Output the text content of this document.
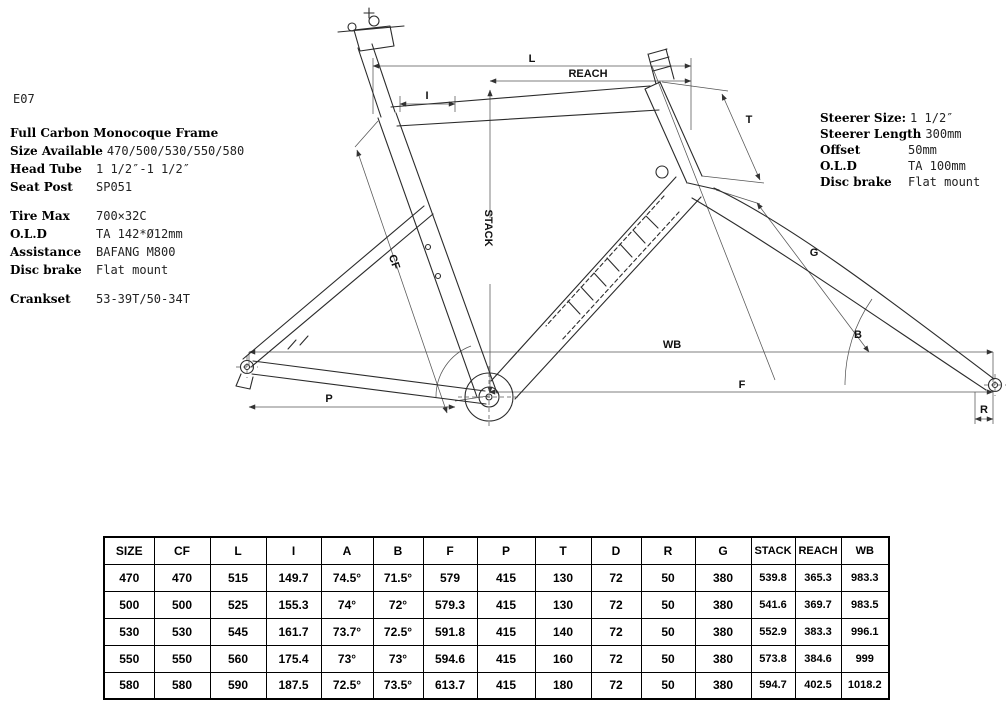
L
REACH
I
STACK
CF
T
G
B
WB
F
R
P
E07
Full Carbon Monocoque Frame
Size Available 470/500/530/550/580
Head Tube 1 1/2″-1 1/2″
Seat Post SP051
Tire Max 700×32C
O.L.D	TA 142*Ø12mm
Assistance BAFANG M800
Disc brake Flat mount
Crankset 53-39T/50-34T
Steerer Size: 1 1/2″
Steerer Length 300mm
Offset	50mm
O.L.D	TA 100mm
Disc brake Flat mount
SIZE	CF	L	I	A	B	F	P	T	D	R	G	STACK	REACH	WB
470	470	515	149.7	74.5°	71.5°	579	415	130	72	50	380	539.8	365.3	983.3
500	500	525	155.3	74°	72°	579.3	415	130	72	50	380	541.6	369.7	983.5
530	530	545	161.7	73.7°	72.5°	591.8	415	140	72	50	380	552.9	383.3	996.1
550	550	560	175.4	73°	73°	594.6	415	160	72	50	380	573.8	384.6	999
580	580	590	187.5	72.5°	73.5°	613.7	415	180	72	50	380	594.7	402.5	1018.2
